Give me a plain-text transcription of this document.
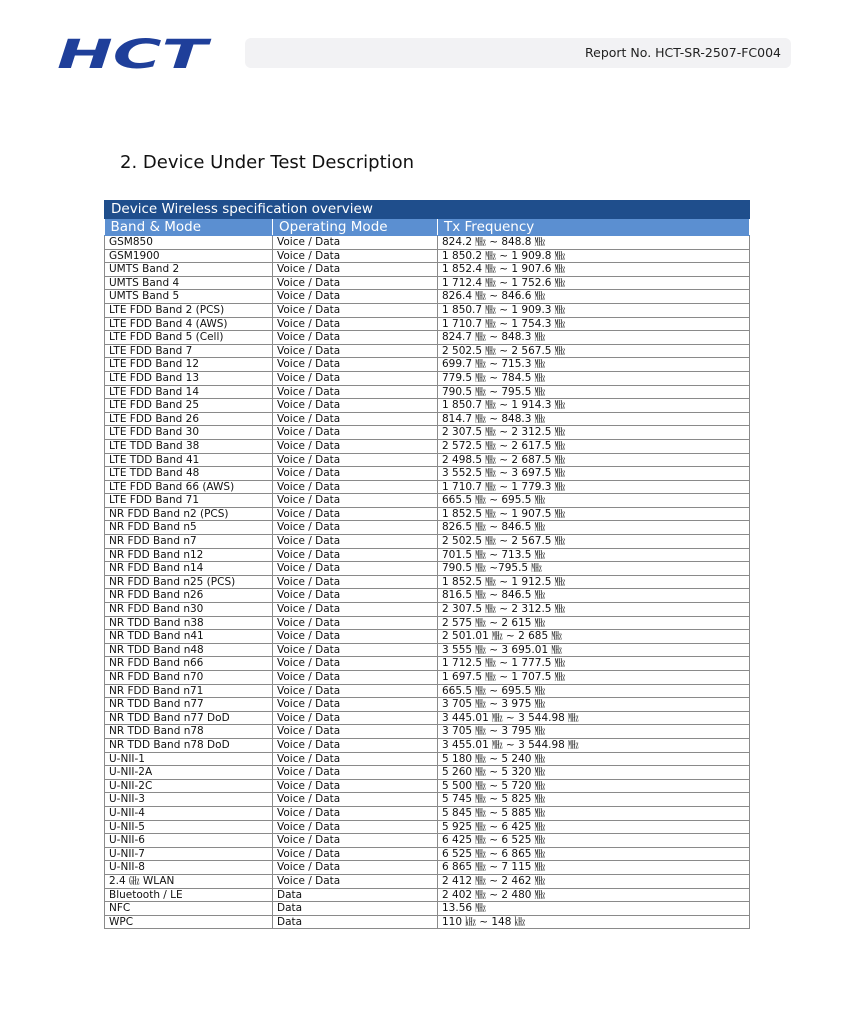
HCT	Report No. HCT-SR-2507-FC004
2. Device Under Test Description
Device Wireless specification overview		
Band & Mode	Operating Mode	Tx Frequency
GSM850	Voice / Data	824.2 ㎒ ~ 848.8 ㎒
GSM1900	Voice / Data	1 850.2 ㎒ ~ 1 909.8 ㎒
UMTS Band 2	Voice / Data	1 852.4 ㎒ ~ 1 907.6 ㎒
UMTS Band 4	Voice / Data	1 712.4 ㎒ ~ 1 752.6 ㎒
UMTS Band 5	Voice / Data	826.4 ㎒ ~ 846.6 ㎒
LTE FDD Band 2 (PCS)	Voice / Data	1 850.7 ㎒ ~ 1 909.3 ㎒
LTE FDD Band 4 (AWS)	Voice / Data	1 710.7 ㎒ ~ 1 754.3 ㎒
LTE FDD Band 5 (Cell)	Voice / Data	824.7 ㎒ ~ 848.3 ㎒
LTE FDD Band 7	Voice / Data	2 502.5 ㎒ ~ 2 567.5 ㎒
LTE FDD Band 12	Voice / Data	699.7 ㎒ ~ 715.3 ㎒
LTE FDD Band 13	Voice / Data	779.5 ㎒ ~ 784.5 ㎒
LTE FDD Band 14	Voice / Data	790.5 ㎒ ~ 795.5 ㎒
LTE FDD Band 25	Voice / Data	1 850.7 ㎒ ~ 1 914.3 ㎒
LTE FDD Band 26	Voice / Data	814.7 ㎒ ~ 848.3 ㎒
LTE FDD Band 30	Voice / Data	2 307.5 ㎒ ~ 2 312.5 ㎒
LTE TDD Band 38	Voice / Data	2 572.5 ㎒ ~ 2 617.5 ㎒
LTE TDD Band 41	Voice / Data	2 498.5 ㎒ ~ 2 687.5 ㎒
LTE TDD Band 48	Voice / Data	3 552.5 ㎒ ~ 3 697.5 ㎒
LTE FDD Band 66 (AWS)	Voice / Data	1 710.7 ㎒ ~ 1 779.3 ㎒
LTE FDD Band 71	Voice / Data	665.5 ㎒ ~ 695.5 ㎒
NR FDD Band n2 (PCS)	Voice / Data	1 852.5 ㎒ ~ 1 907.5 ㎒
NR FDD Band n5	Voice / Data	826.5 ㎒ ~ 846.5 ㎒
NR FDD Band n7	Voice / Data	2 502.5 ㎒ ~ 2 567.5 ㎒
NR FDD Band n12	Voice / Data	701.5 ㎒ ~ 713.5 ㎒
NR FDD Band n14	Voice / Data	790.5 ㎒ ~795.5 ㎒
NR FDD Band n25 (PCS)	Voice / Data	1 852.5 ㎒ ~ 1 912.5 ㎒
NR FDD Band n26	Voice / Data	816.5 ㎒ ~ 846.5 ㎒
NR FDD Band n30	Voice / Data	2 307.5 ㎒ ~ 2 312.5 ㎒
NR TDD Band n38	Voice / Data	2 575 ㎒ ~ 2 615 ㎒
NR TDD Band n41	Voice / Data	2 501.01 ㎒ ~ 2 685 ㎒
NR TDD Band n48	Voice / Data	3 555 ㎒ ~ 3 695.01 ㎒
NR FDD Band n66	Voice / Data	1 712.5 ㎒ ~ 1 777.5 ㎒
NR FDD Band n70	Voice / Data	1 697.5 ㎒ ~ 1 707.5 ㎒
NR FDD Band n71	Voice / Data	665.5 ㎒ ~ 695.5 ㎒
NR TDD Band n77	Voice / Data	3 705 ㎒ ~ 3 975 ㎒
NR TDD Band n77 DoD	Voice / Data	3 445.01 ㎒ ~ 3 544.98 ㎒
NR TDD Band n78	Voice / Data	3 705 ㎒ ~ 3 795 ㎒
NR TDD Band n78 DoD	Voice / Data	3 455.01 ㎒ ~ 3 544.98 ㎒
U-NII-1	Voice / Data	5 180 ㎒ ~ 5 240 ㎒
U-NII-2A	Voice / Data	5 260 ㎒ ~ 5 320 ㎒
U-NII-2C	Voice / Data	5 500 ㎒ ~ 5 720 ㎒
U-NII-3	Voice / Data	5 745 ㎒ ~ 5 825 ㎒
U-NII-4	Voice / Data	5 845 ㎒ ~ 5 885 ㎒
U-NII-5	Voice / Data	5 925 ㎒ ~ 6 425 ㎒
U-NII-6	Voice / Data	6 425 ㎒ ~ 6 525 ㎒
U-NII-7	Voice / Data	6 525 ㎒ ~ 6 865 ㎒
U-NII-8	Voice / Data	6 865 ㎒ ~ 7 115 ㎒
2.4 ㎓ WLAN	Voice / Data	2 412 ㎒ ~ 2 462 ㎒
Bluetooth / LE	Data	2 402 ㎒ ~ 2 480 ㎒
NFC	Data	13.56 ㎒
WPC	Data	110 ㎑ ~ 148 ㎑
